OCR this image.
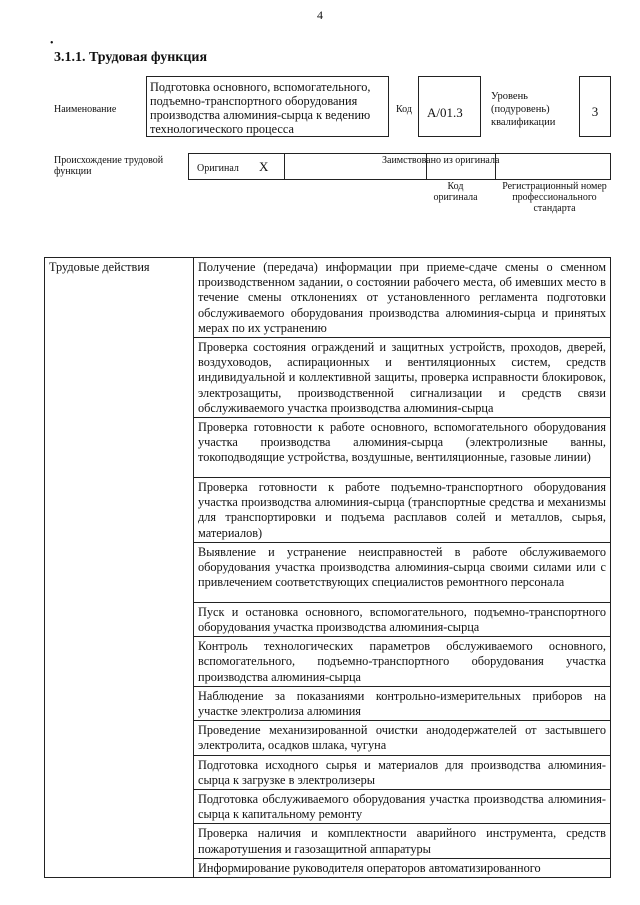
4
•
3.1.1. Трудовая функция
Наименование
Подготовка основного, вспомогательного, подъемно-транспортного оборудования производства алюминия-сырца к ведению технологического процесса
Код	А/01.3
Уровень (подуровень) квалификации
3
Происхождение трудовой функции	Оригинал X	Заимствовано из оригинала
Код оригинала
Регистрационный номер профессионального стандарта
Трудовые действия	Получение (передача) информации при приеме-сдаче смены о сменном производственном задании, о состоянии рабочего места, об имевших место в течение смены отклонениях от установленного регламента подготовки обслуживаемого оборудования производства алюминия-сырца и принятых мерах по их устранению
Проверка состояния ограждений и защитных устройств, проходов, дверей, воздуховодов, аспирационных и вентиляционных систем, средств индивидуальной и коллективной защиты, проверка исправности блокировок, электрозащиты, производственной сигнализации и средств связи обслуживаемого участка производства алюминия-сырца
Проверка готовности к работе основного, вспомогательного оборудования участка производства алюминия-сырца (электролизные ванны, токоподводящие устройства, воздушные, вентиляционные, газовые линии)
Проверка готовности к работе подъемно-транспортного оборудования участка производства алюминия-сырца (транспортные средства и механизмы для транспортировки и подъема расплавов солей и металлов, сырья, материалов)
Выявление и устранение неисправностей в работе обслуживаемого оборудования участка производства алюминия-сырца своими силами или с привлечением соответствующих специалистов ремонтного персонала
Пуск и остановка основного, вспомогательного, подъемно-транспортного оборудования участка производства алюминия-сырца
Контроль технологических параметров обслуживаемого основного, вспомогательного, подъемно-транспортного оборудования участка производства алюминия-сырца
Наблюдение за показаниями контрольно-измерительных приборов на участке электролиза алюминия
Проведение механизированной очистки анододержателей от застывшего электролита, осадков шлака, чугуна
Подготовка исходного сырья и материалов для производства алюминия-сырца к загрузке в электролизеры
Подготовка обслуживаемого оборудования участка производства алюминия-сырца к капитальному ремонту
Проверка наличия и комплектности аварийного инструмента, средств пожаротушения и газозащитной аппаратуры
Информирование руководителя операторов автоматизированного
